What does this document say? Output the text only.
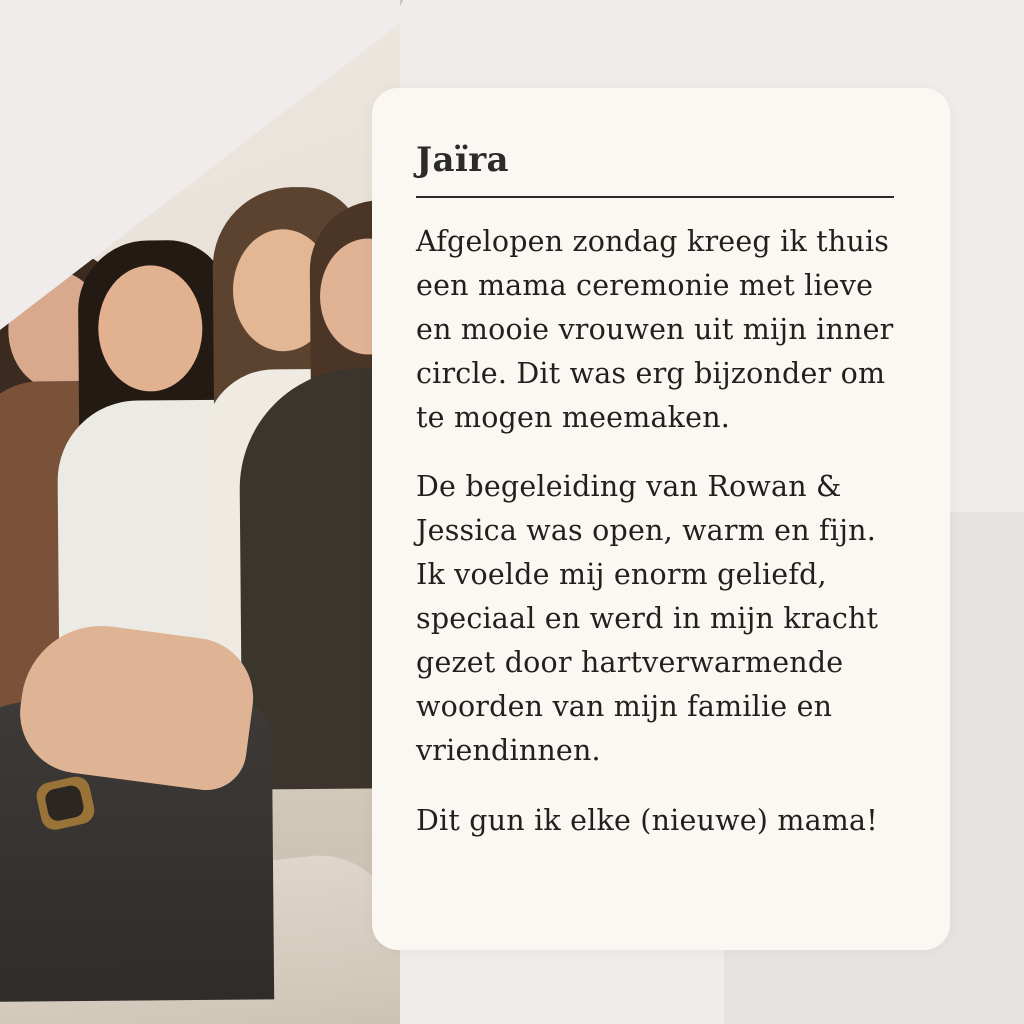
Jaïra

Afgelopen zondag kreeg ik thuis een mama ceremonie met lieve en mooie vrouwen uit mijn inner circle. Dit was erg bijzonder om te mogen meemaken.

De begeleiding van Rowan & Jessica was open, warm en fijn. Ik voelde mij enorm geliefd, speciaal en werd in mijn kracht gezet door hartverwarmende woorden van mijn familie en vriendinnen.

Dit gun ik elke (nieuwe) mama!
